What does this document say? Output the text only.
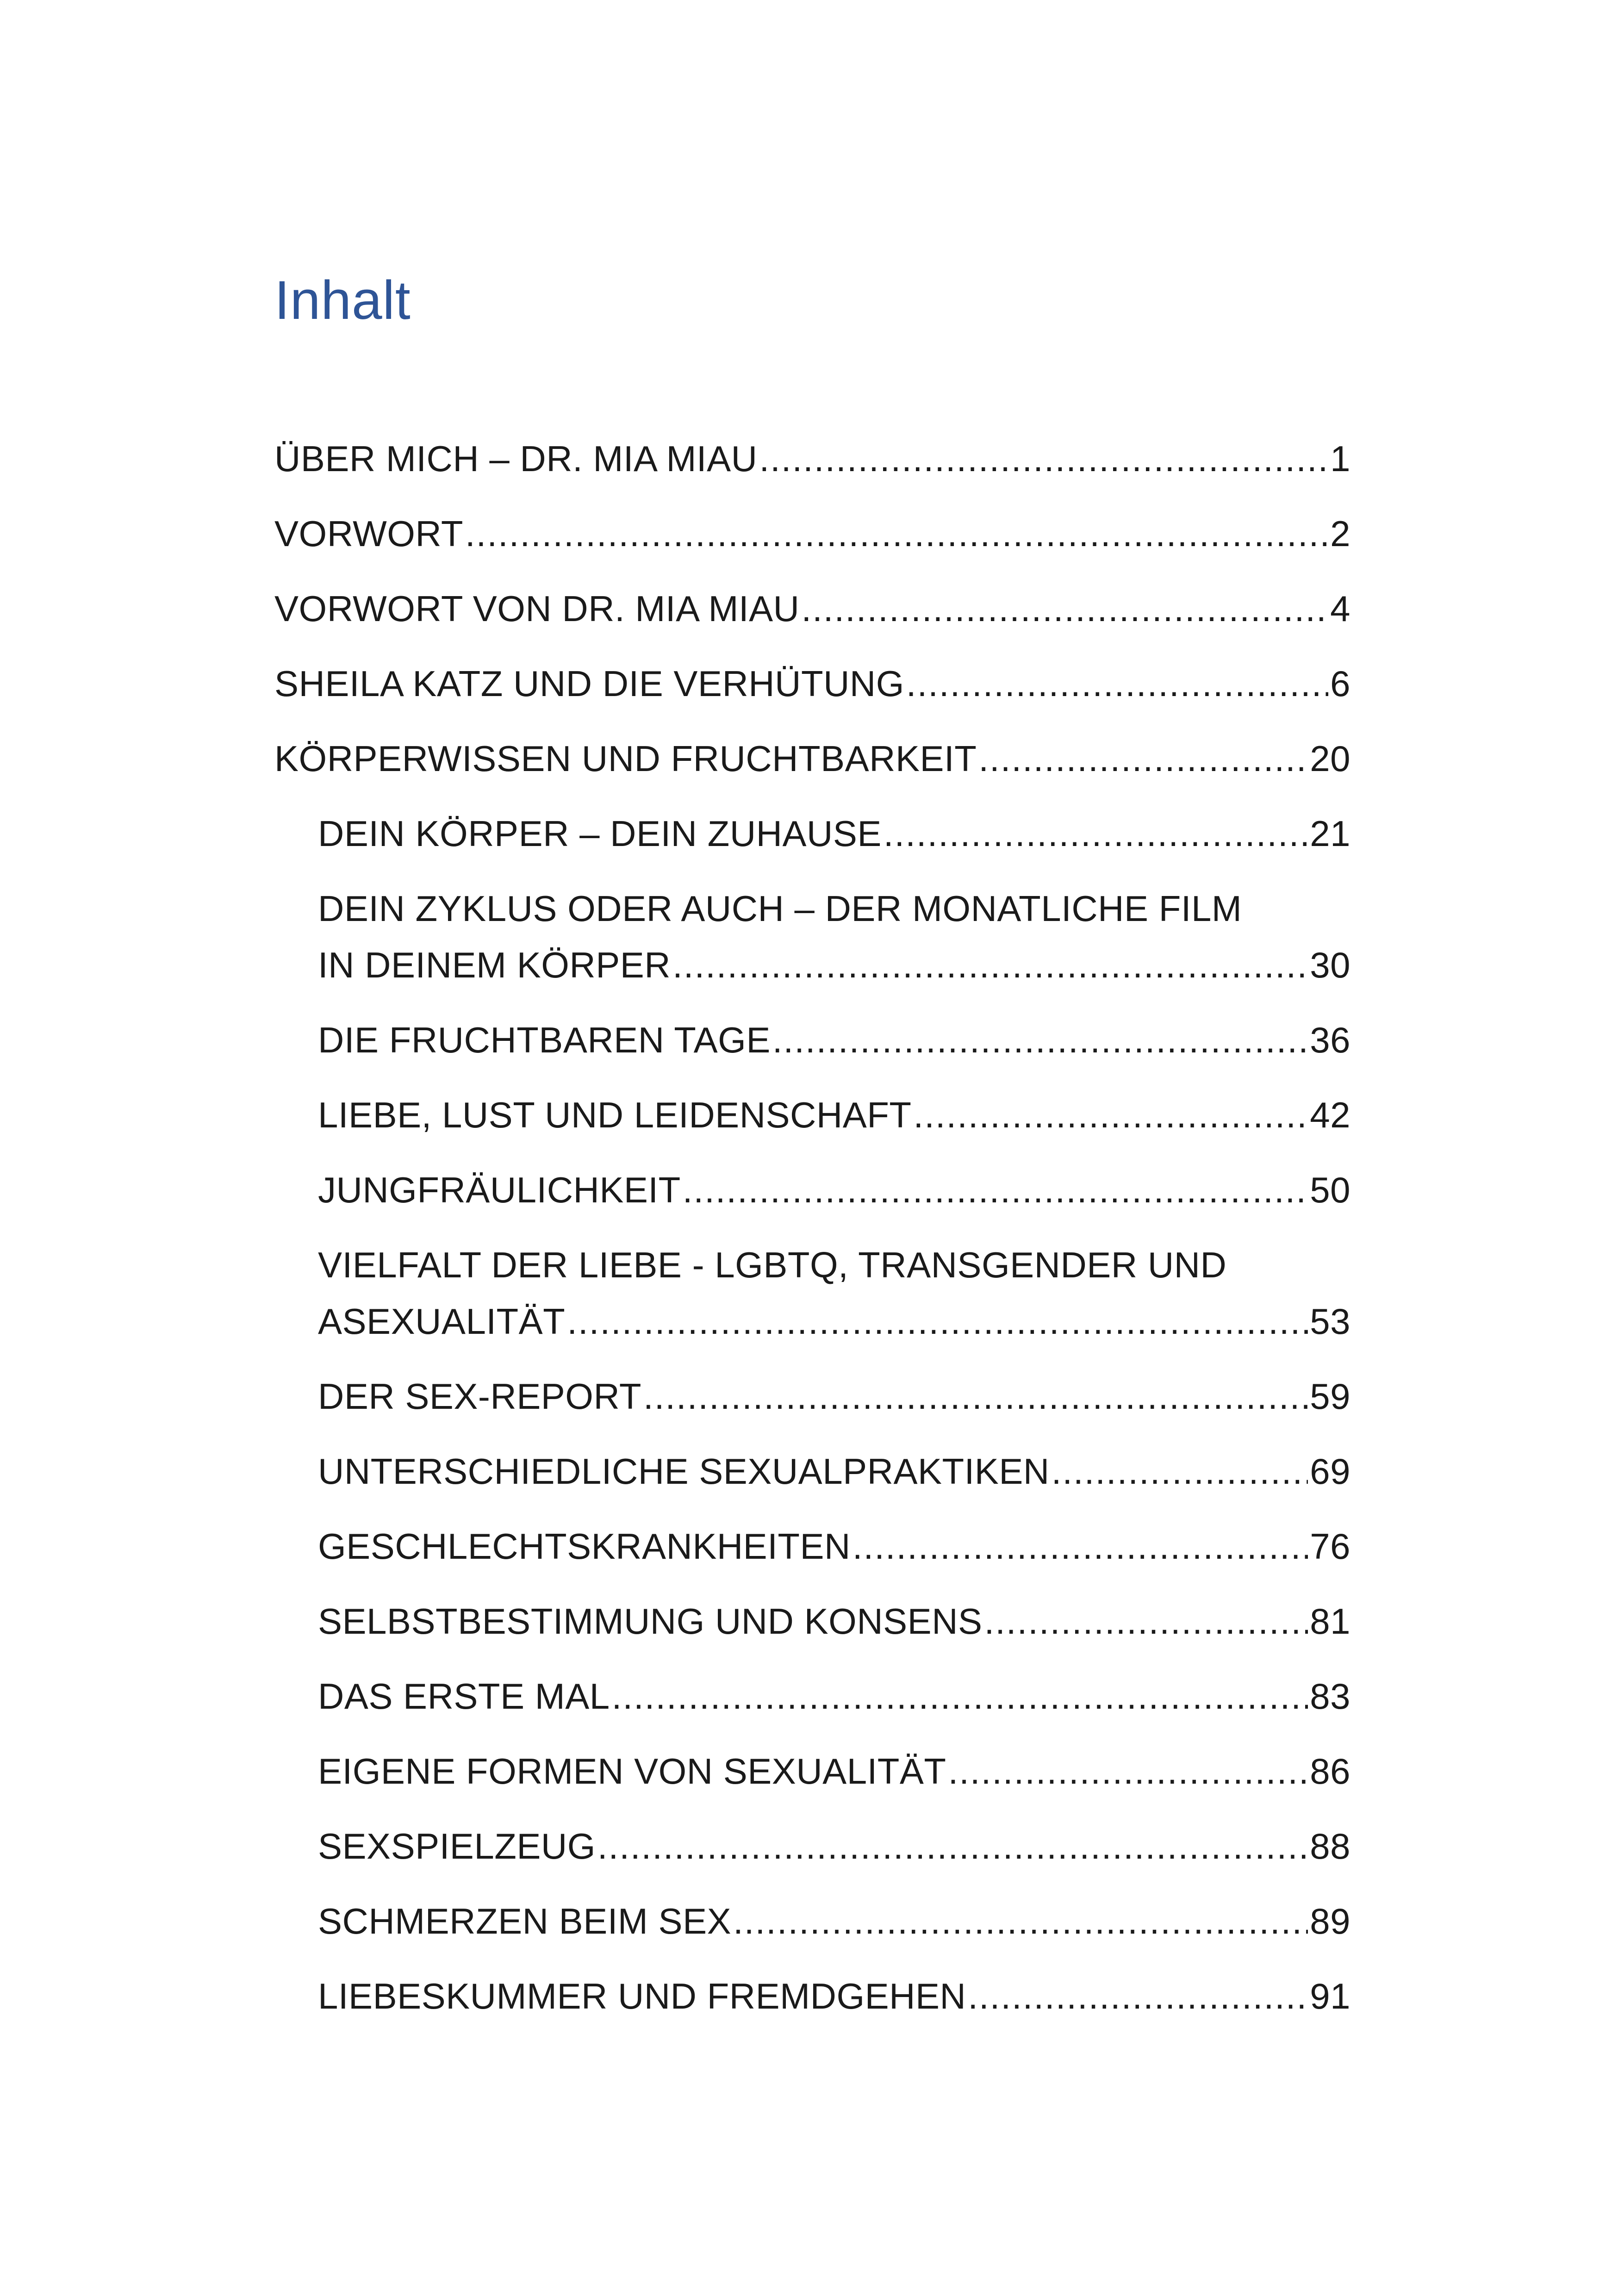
Inhalt
ÜBER MICH – DR. MIA MIAU .....	1
VORWORT .....	2
VORWORT VON DR. MIA MIAU .....	4
SHEILA KATZ UND DIE VERHÜTUNG .....	6
KÖRPERWISSEN UND FRUCHTBARKEIT .....	20
DEIN KÖRPER – DEIN ZUHAUSE .....	21
DEIN ZYKLUS ODER AUCH – DER MONATLICHE FILM
IN DEINEM KÖRPER .....	30
DIE FRUCHTBAREN TAGE .....	36
LIEBE, LUST UND LEIDENSCHAFT .....	42
JUNGFRÄULICHKEIT .....	50
VIELFALT DER LIEBE - LGBTQ, TRANSGENDER UND
ASEXUALITÄT .....	53
DER SEX-REPORT .....	59
UNTERSCHIEDLICHE SEXUALPRAKTIKEN .....	69
GESCHLECHTSKRANKHEITEN .....	76
SELBSTBESTIMMUNG UND KONSENS .....	81
DAS ERSTE MAL .....	83
EIGENE FORMEN VON SEXUALITÄT .....	86
SEXSPIELZEUG .....	88
SCHMERZEN BEIM SEX .....	89
LIEBESKUMMER UND FREMDGEHEN .....	91
